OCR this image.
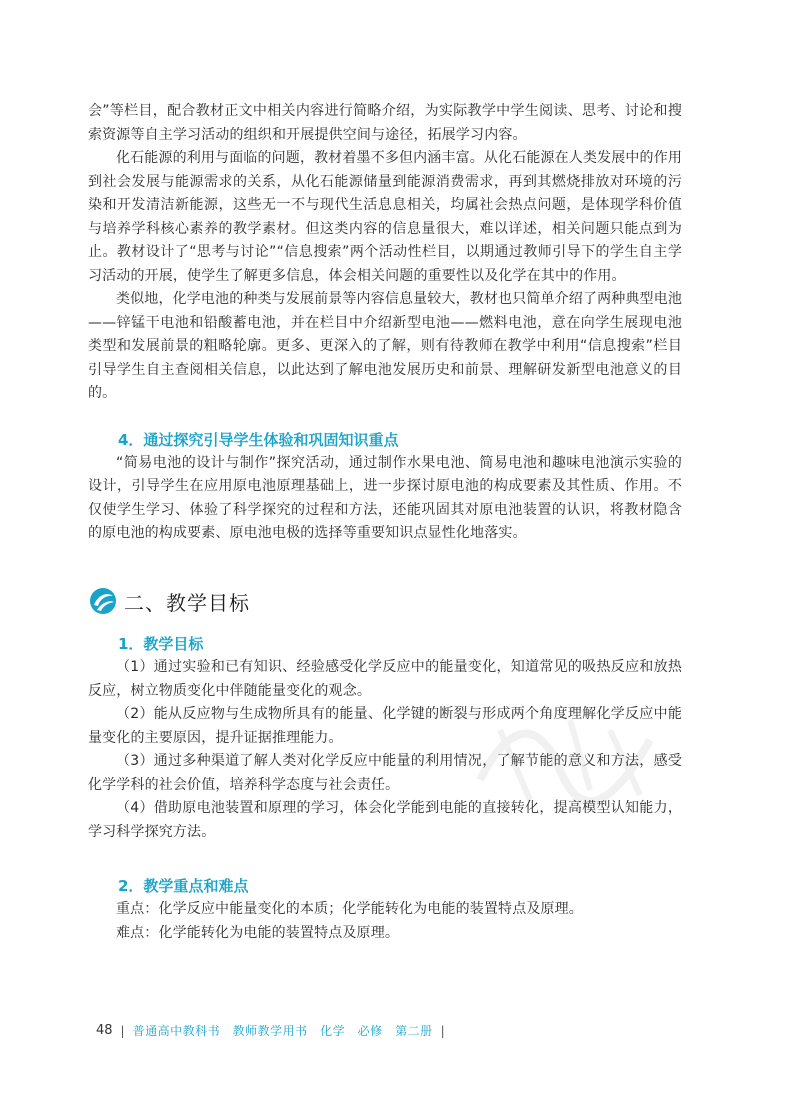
会”等栏目，配合教材正文中相关内容进行简略介绍，为实际教学中学生阅读、思考、讨论和搜索资源等自主学习活动的组织和开展提供空间与途径，拓展学习内容。

化石能源的利用与面临的问题，教材着墨不多但内涵丰富。从化石能源在人类发展中的作用到社会发展与能源需求的关系，从化石能源储量到能源消费需求，再到其燃烧排放对环境的污染和开发清洁新能源，这些无一不与现代生活息息相关，均属社会热点问题，是体现学科价值与培养学科核心素养的教学素材。但这类内容的信息量很大，难以详述，相关问题只能点到为止。教材设计了“思考与讨论”“信息搜索”两个活动性栏目，以期通过教师引导下的学生自主学习活动的开展，使学生了解更多信息，体会相关问题的重要性以及化学在其中的作用。

类似地，化学电池的种类与发展前景等内容信息量较大，教材也只简单介绍了两种典型电池——锌锰干电池和铅酸蓄电池，并在栏目中介绍新型电池——燃料电池，意在向学生展现电池类型和发展前景的粗略轮廓。更多、更深入的了解，则有待教师在教学中利用“信息搜索”栏目引导学生自主查阅相关信息，以此达到了解电池发展历史和前景、理解研发新型电池意义的目的。

4．通过探究引导学生体验和巩固知识重点

“简易电池的设计与制作”探究活动，通过制作水果电池、简易电池和趣味电池演示实验的设计，引导学生在应用原电池原理基础上，进一步探讨原电池的构成要素及其性质、作用。不仅使学生学习、体验了科学探究的过程和方法，还能巩固其对原电池装置的认识，将教材隐含的原电池的构成要素、原电池电极的选择等重要知识点显性化地落实。

二、教学目标

1．教学目标

（1）通过实验和已有知识、经验感受化学反应中的能量变化，知道常见的吸热反应和放热反应，树立物质变化中伴随能量变化的观念。

（2）能从反应物与生成物所具有的能量、化学键的断裂与形成两个角度理解化学反应中能量变化的主要原因，提升证据推理能力。

（3）通过多种渠道了解人类对化学反应中能量的利用情况，了解节能的意义和方法，感受化学学科的社会价值，培养科学态度与社会责任。

（4）借助原电池装置和原理的学习，体会化学能到电能的直接转化，提高模型认知能力，学习科学探究方法。

2．教学重点和难点

重点：化学反应中能量变化的本质；化学能转化为电能的装置特点及原理。

难点：化学能转化为电能的装置特点及原理。

48 | 普通高中教科书　教师教学用书　化学　必修　第二册 |
